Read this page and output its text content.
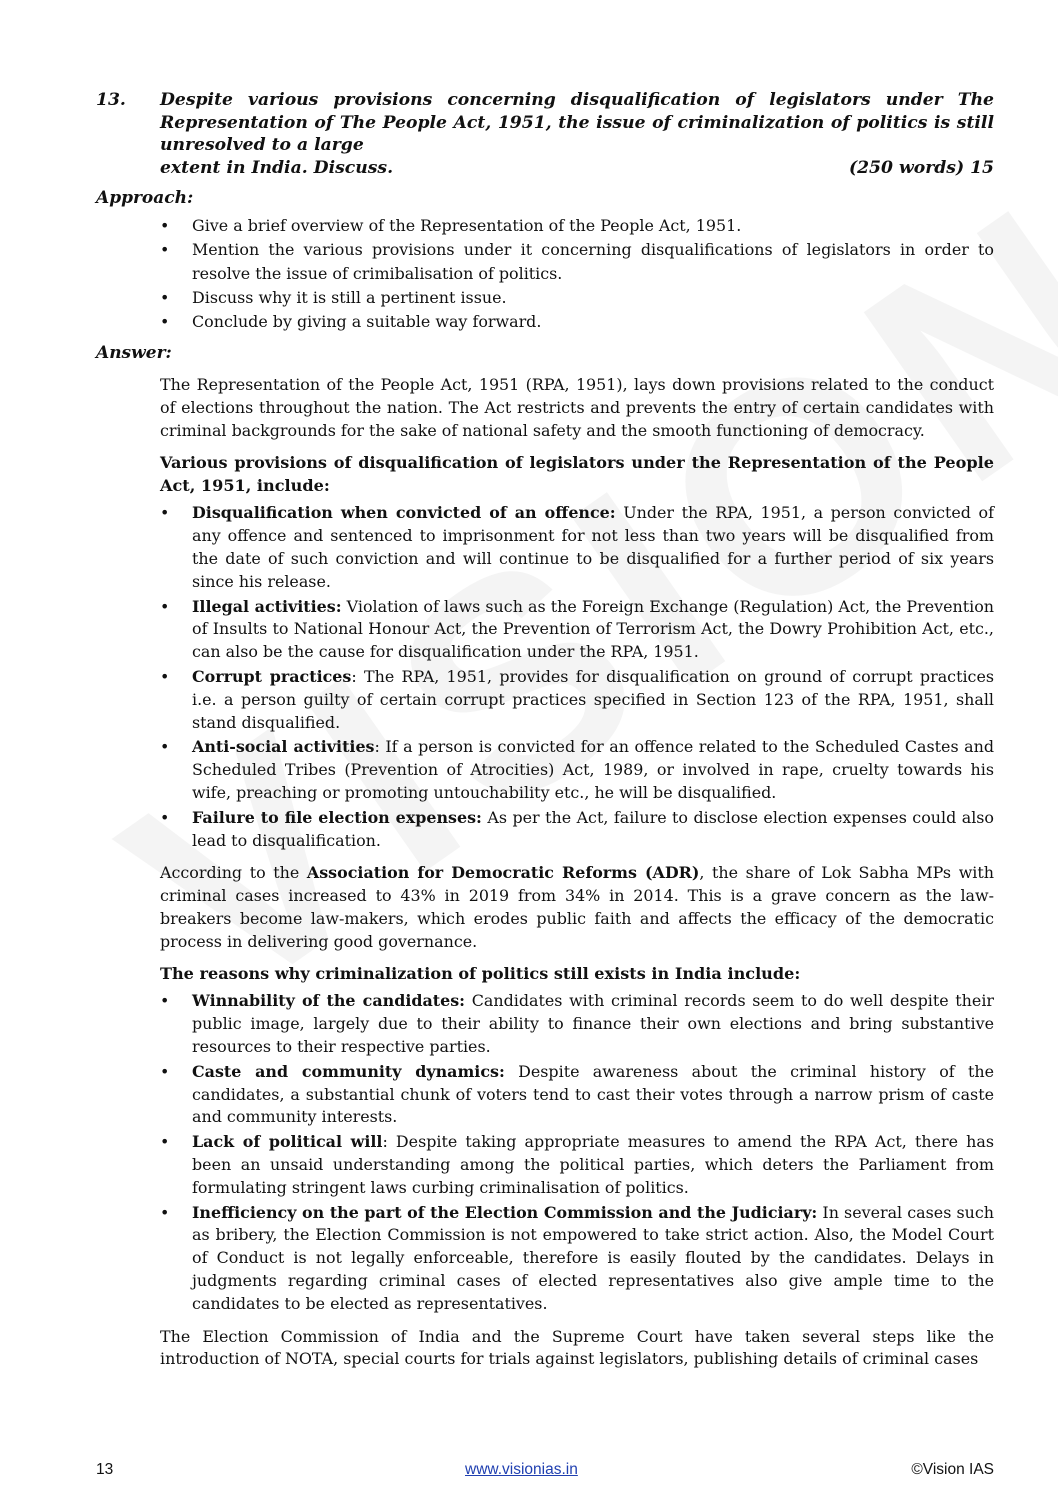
13.	Despite various provisions concerning disqualification of legislators under The Representation of The People Act, 1951, the issue of criminalization of politics is still unresolved to a large
extent in India. Discuss.	(250 words) 15
Approach:
• Give a brief overview of the Representation of the People Act, 1951.
• Mention the various provisions under it concerning disqualifications of legislators in order to resolve the issue of crimibalisation of politics.
• Discuss why it is still a pertinent issue.
• Conclude by giving a suitable way forward.
Answer:
The Representation of the People Act, 1951 (RPA, 1951), lays down provisions related to the conduct of elections throughout the nation. The Act restricts and prevents the entry of certain candidates with criminal backgrounds for the sake of national safety and the smooth functioning of democracy.
Various provisions of disqualification of legislators under the Representation of the People Act, 1951, include:
• Disqualification when convicted of an offence: Under the RPA, 1951, a person convicted of any offence and sentenced to imprisonment for not less than two years will be disqualified from the date of such conviction and will continue to be disqualified for a further period of six years since his release.
• Illegal activities: Violation of laws such as the Foreign Exchange (Regulation) Act, the Prevention of Insults to National Honour Act, the Prevention of Terrorism Act, the Dowry Prohibition Act, etc., can also be the cause for disqualification under the RPA, 1951.
• Corrupt practices: The RPA, 1951, provides for disqualification on ground of corrupt practices i.e. a person guilty of certain corrupt practices specified in Section 123 of the RPA, 1951, shall stand disqualified.
• Anti-social activities: If a person is convicted for an offence related to the Scheduled Castes and Scheduled Tribes (Prevention of Atrocities) Act, 1989, or involved in rape, cruelty towards his wife, preaching or promoting untouchability etc., he will be disqualified.
• Failure to file election expenses: As per the Act, failure to disclose election expenses could also lead to disqualification.
According to the Association for Democratic Reforms (ADR), the share of Lok Sabha MPs with criminal cases increased to 43% in 2019 from 34% in 2014. This is a grave concern as the law-breakers become law-makers, which erodes public faith and affects the efficacy of the democratic process in delivering good governance.
The reasons why criminalization of politics still exists in India include:
• Winnability of the candidates: Candidates with criminal records seem to do well despite their public image, largely due to their ability to finance their own elections and bring substantive resources to their respective parties.
• Caste and community dynamics: Despite awareness about the criminal history of the candidates, a substantial chunk of voters tend to cast their votes through a narrow prism of caste and community interests.
• Lack of political will: Despite taking appropriate measures to amend the RPA Act, there has been an unsaid understanding among the political parties, which deters the Parliament from formulating stringent laws curbing criminalisation of politics.
• Inefficiency on the part of the Election Commission and the Judiciary: In several cases such as bribery, the Election Commission is not empowered to take strict action. Also, the Model Court of Conduct is not legally enforceable, therefore is easily flouted by the candidates. Delays in judgments regarding criminal cases of elected representatives also give ample time to the candidates to be elected as representatives.
The Election Commission of India and the Supreme Court have taken several steps like the introduction of NOTA, special courts for trials against legislators, publishing details of criminal cases
13	www.visionias.in	©Vision IAS
